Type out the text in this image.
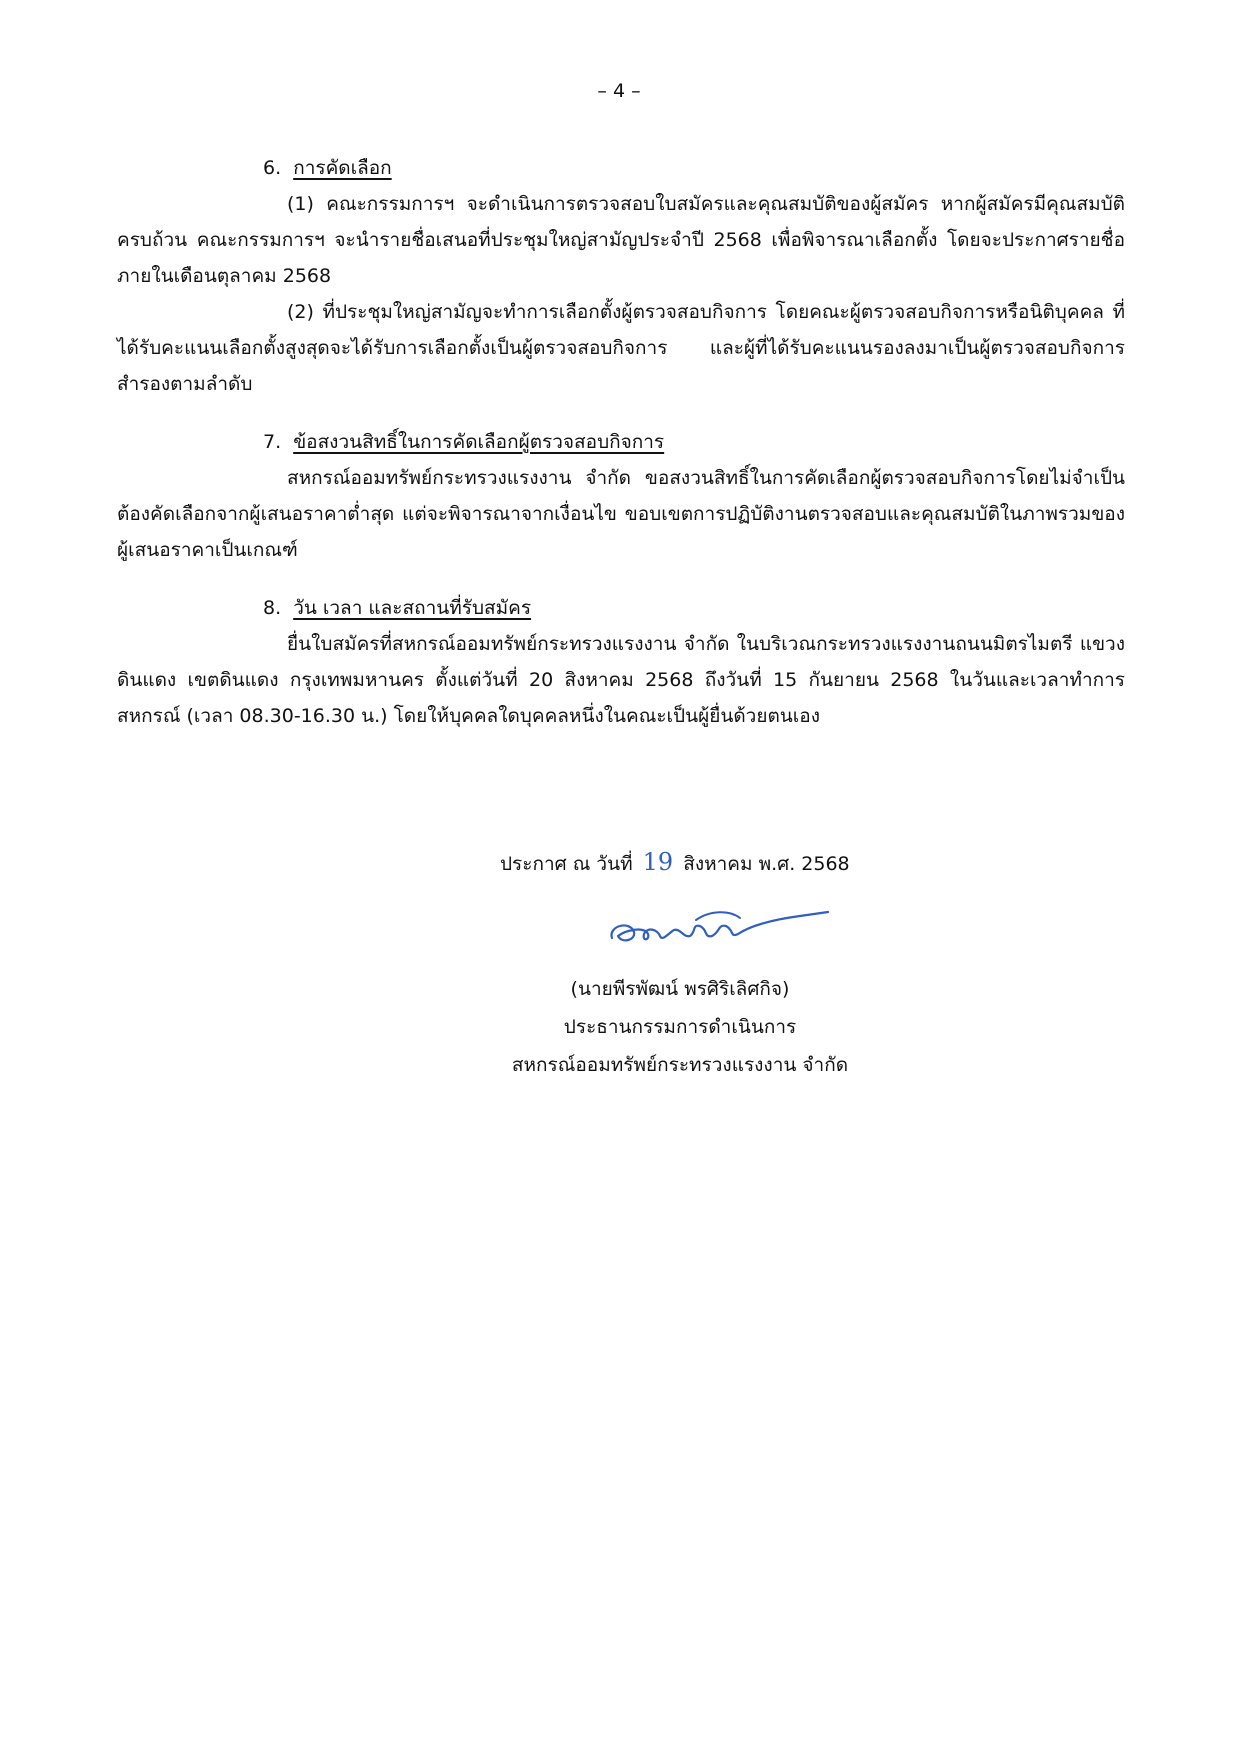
– 4 –
6. การคัดเลือก

(1) คณะกรรมการฯ จะดำเนินการตรวจสอบใบสมัครและคุณสมบัติของผู้สมัคร หากผู้สมัครมีคุณสมบัติครบถ้วน คณะกรรมการฯ จะนำรายชื่อเสนอที่ประชุมใหญ่สามัญประจำปี 2568 เพื่อพิจารณาเลือกตั้ง โดยจะประกาศรายชื่อ ภายในเดือนตุลาคม 2568

(2) ที่ประชุมใหญ่สามัญจะทำการเลือกตั้งผู้ตรวจสอบกิจการ โดยคณะผู้ตรวจสอบกิจการหรือนิติบุคคล ที่ได้รับคะแนนเลือกตั้งสูงสุดจะได้รับการเลือกตั้งเป็นผู้ตรวจสอบกิจการ และผู้ที่ได้รับคะแนนรองลงมาเป็นผู้ตรวจสอบกิจการสำรองตามลำดับ

7. ข้อสงวนสิทธิ์ในการคัดเลือกผู้ตรวจสอบกิจการ

สหกรณ์ออมทรัพย์กระทรวงแรงงาน จำกัด ขอสงวนสิทธิ์ในการคัดเลือกผู้ตรวจสอบกิจการโดยไม่จำเป็นต้องคัดเลือกจากผู้เสนอราคาต่ำสุด แต่จะพิจารณาจากเงื่อนไข ขอบเขตการปฏิบัติงานตรวจสอบและคุณสมบัติในภาพรวมของผู้เสนอราคาเป็นเกณฑ์

8. วัน เวลา และสถานที่รับสมัคร

ยื่นใบสมัครที่สหกรณ์ออมทรัพย์กระทรวงแรงงาน จำกัด ในบริเวณกระทรวงแรงงานถนนมิตรไมตรี แขวงดินแดง เขตดินแดง กรุงเทพมหานคร ตั้งแต่วันที่ 20 สิงหาคม 2568 ถึงวันที่ 15 กันยายน 2568 ในวันและเวลาทำการสหกรณ์ (เวลา 08.30-16.30 น.) โดยให้บุคคลใดบุคคลหนึ่งในคณะเป็นผู้ยื่นด้วยตนเอง

ประกาศ ณ วันที่ 19 สิงหาคม พ.ศ. 2568
(นายพีรพัฒน์ พรศิริเลิศกิจ)
ประธานกรรมการดำเนินการ
สหกรณ์ออมทรัพย์กระทรวงแรงงาน จำกัด
